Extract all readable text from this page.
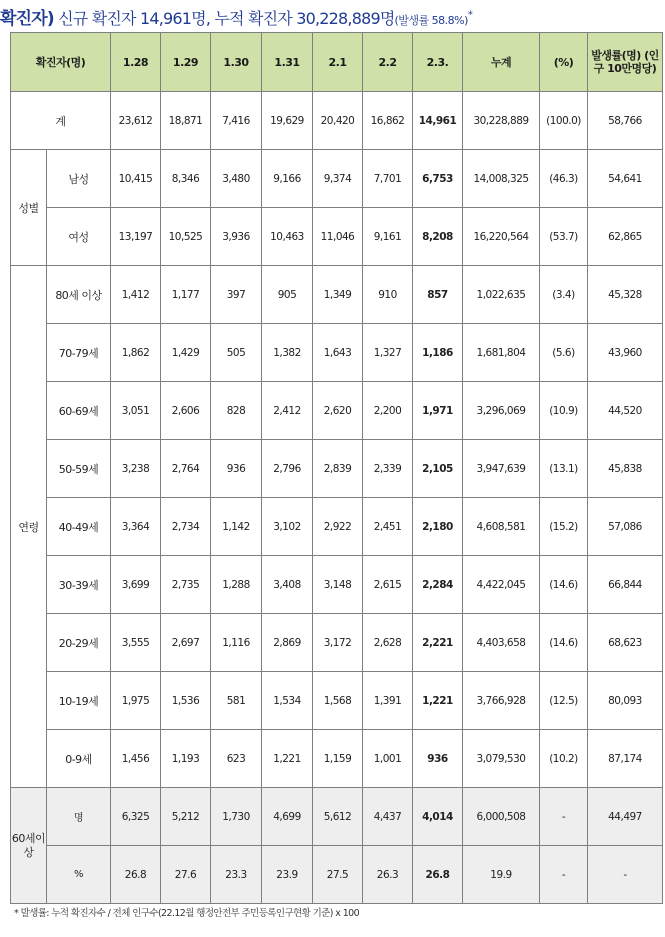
확진자) 신규 확진자 14,961명, 누적 확진자 30,228,889명(발생률 58.8%)*
확진자(명)		1.28	1.29	1.30	1.31	2.1	2.2	2.3.	누계	(%)	발생률(명) (인구 10만명당)
계		23,612	18,871	7,416	19,629	20,420	16,862	14,961	30,228,889	(100.0)	58,766
성별	남성	10,415	8,346	3,480	9,166	9,374	7,701	6,753	14,008,325	(46.3)	54,641
	여성	13,197	10,525	3,936	10,463	11,046	9,161	8,208	16,220,564	(53.7)	62,865
연령	80세 이상	1,412	1,177	397	905	1,349	910	857	1,022,635	(3.4)	45,328
	70-79세	1,862	1,429	505	1,382	1,643	1,327	1,186	1,681,804	(5.6)	43,960
	60-69세	3,051	2,606	828	2,412	2,620	2,200	1,971	3,296,069	(10.9)	44,520
	50-59세	3,238	2,764	936	2,796	2,839	2,339	2,105	3,947,639	(13.1)	45,838
	40-49세	3,364	2,734	1,142	3,102	2,922	2,451	2,180	4,608,581	(15.2)	57,086
	30-39세	3,699	2,735	1,288	3,408	3,148	2,615	2,284	4,422,045	(14.6)	66,844
	20-29세	3,555	2,697	1,116	2,869	3,172	2,628	2,221	4,403,658	(14.6)	68,623
	10-19세	1,975	1,536	581	1,534	1,568	1,391	1,221	3,766,928	(12.5)	80,093
	0-9세	1,456	1,193	623	1,221	1,159	1,001	936	3,079,530	(10.2)	87,174
60세이상	명	6,325	5,212	1,730	4,699	5,612	4,437	4,014	6,000,508	-	44,497
	%	26.8	27.6	23.3	23.9	27.5	26.3	26.8	19.9	-	-
* 발생률: 누적 확진자수 / 전체 인구수(22.12월 행정안전부 주민등록인구현황 기준) x 100
